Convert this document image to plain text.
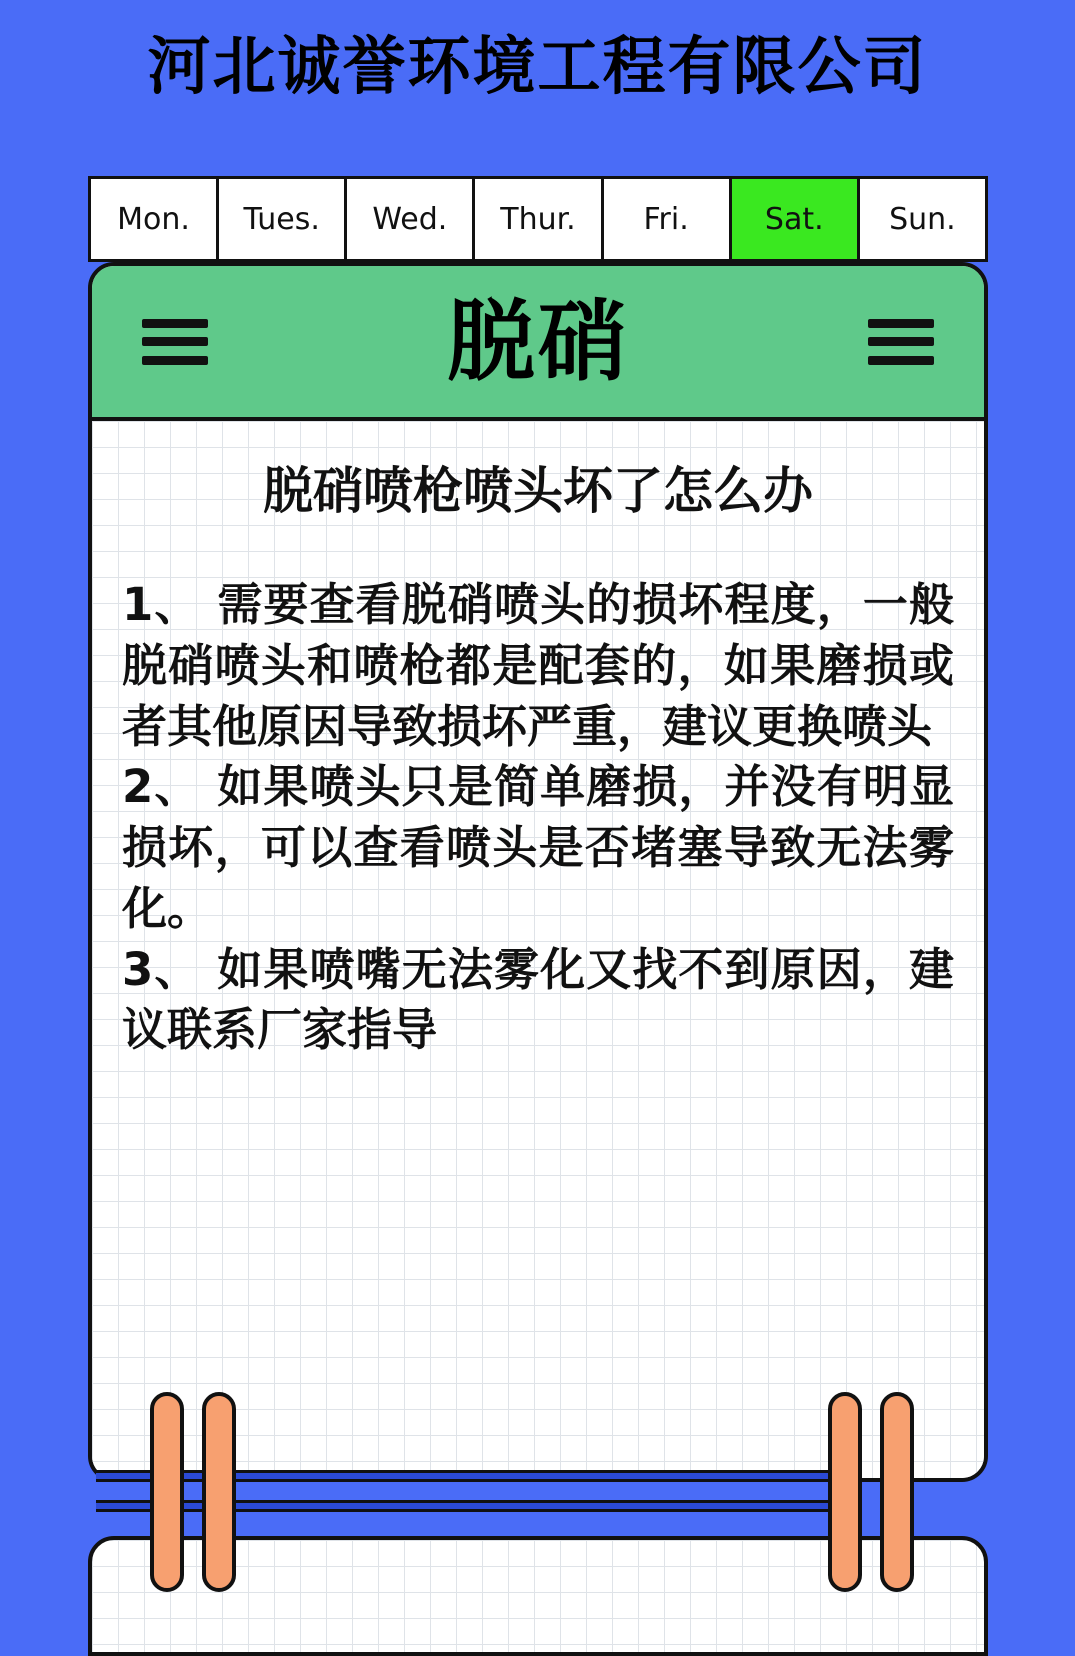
河北诚誉环境工程有限公司
Mon. Tues. Wed. Thur. Fri.	Sat. Sun.
脱硝
脱硝喷枪喷头坏了怎么办

1、 需要查看脱硝喷头的损坏程度，一般脱硝喷头和喷枪都是配套的，如果磨损或者其他原因导致损坏严重，建议更换喷头

2、 如果喷头只是简单磨损，并没有明显损坏，可以查看喷头是否堵塞导致无法雾化。

3、 如果喷嘴无法雾化又找不到原因，建议联系厂家指导
